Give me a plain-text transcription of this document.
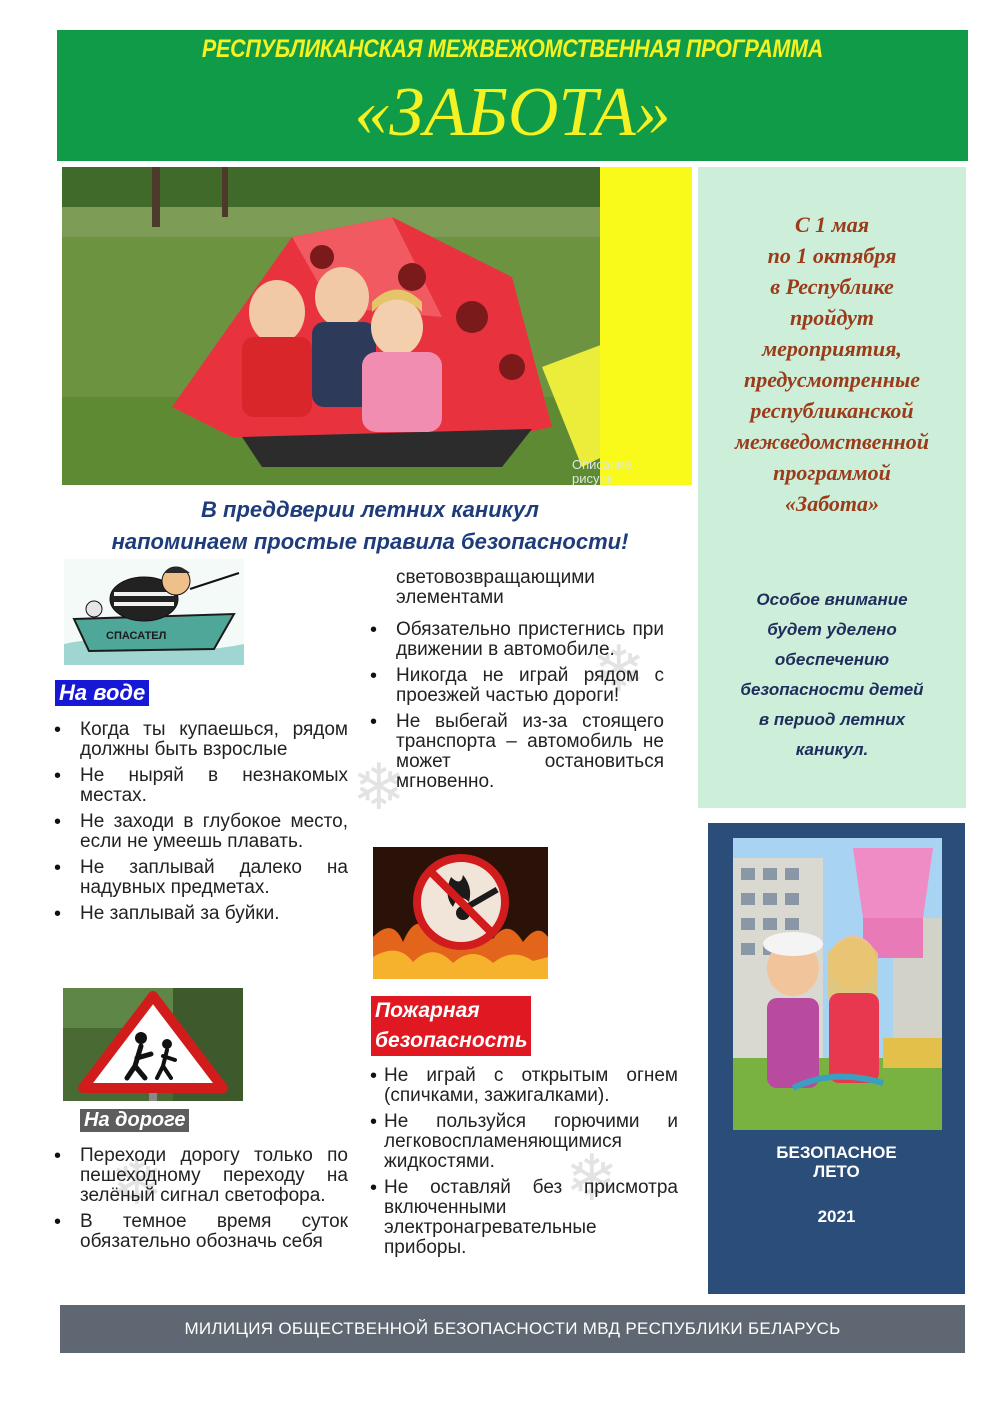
РЕСПУБЛИКАНСКАЯ МЕЖВЕЖОМСТВЕННАЯ ПРОГРАММА
«ЗАБОТА»
Описание
рисунк
С 1 мая
по 1 октября
в Республике
пройдут
мероприятия,
предусмотренные
республиканской
межведомственной
программой
«Забота»
Особое внимание
будет уделено
обеспечению
безопасности детей
в период летних
каникул.
БЕЗОПАСНОЕ
ЛЕТО
2021
В преддверии летних каникул
напоминаем простые правила безопасности!
❄
❄
❄	❄
СПАСАТЕЛ
На воде
• Когда ты купаешься, рядом должны быть взрослые
• Не ныряй в незнакомых местах.
• Не заходи в глубокое место, если не умеешь плавать.
• Не заплывай далеко на надувных предметах.
• Не заплывай за буйки.
На дороге
• Переходи дорогу только по пешеходному переходу на зелёный сигнал светофора.
• В темное время суток обязательно обозначь себя
световозвращающими элементами
• Обязательно пристегнись при движении в автомобиле.
• Никогда не играй рядом с проезжей частью дороги!
• Не выбегай из-за стоящего транспорта – автомобиль не может остановиться мгновенно.
Пожарная
безопасность
• Не играй с открытым огнем (спичками, зажигалками).
• Не пользуйся горючими и легковоспламеняющимися жидкостями.
• Не оставляй без присмотра включенными электронагревательные приборы.
МИЛИЦИЯ ОБЩЕСТВЕННОЙ БЕЗОПАСНОСТИ МВД РЕСПУБЛИКИ БЕЛАРУСЬ
